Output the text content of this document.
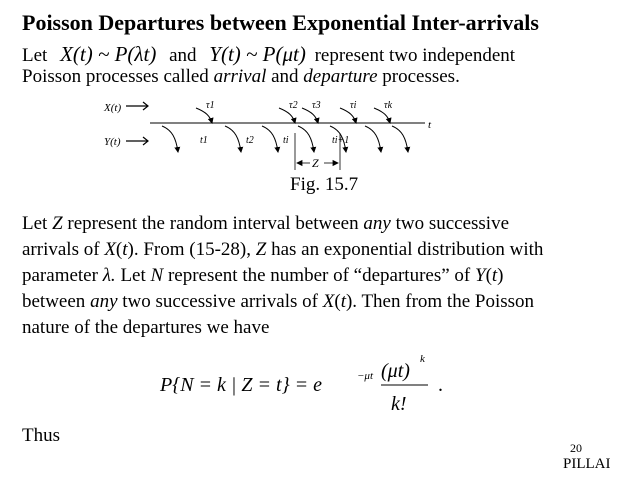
Poisson Departures between Exponential Inter-arrivals
Let X(t) ~ P(λt) and Y(t) ~ P(μt) represent two independent
Poisson processes called arrival and departure processes.
X(t)
Y(t)
t
τ1	τ2 τ3	τi	τk
t1	t2	ti	ti+1
Z
Fig. 15.7
Let Z represent the random interval between any two successive
arrivals of X(t). From (15-28), Z has an exponential distribution with
parameter λ. Let N represent the number of “departures” of Y(t)
between any two successive arrivals of X(t). Then from the Poisson
nature of the departures we have
P{N = k | Z = t} = e	−μt (μt)
k
k!
.
Thus
20
PILLAI
